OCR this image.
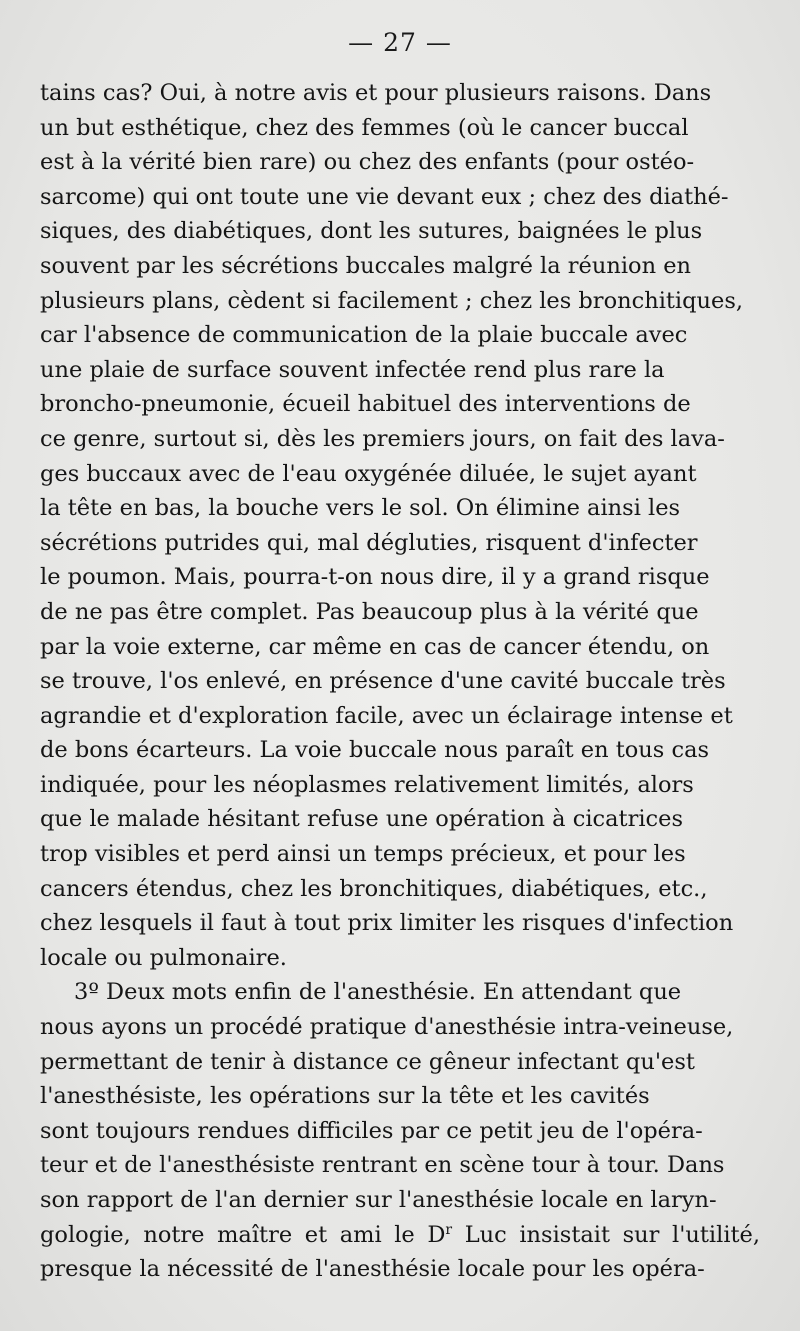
— 27 —
tains cas? Oui, à notre avis et pour plusieurs raisons. Dans
un but esthétique, chez des femmes (où le cancer buccal
est à la vérité bien rare) ou chez des enfants (pour ostéo-
sarcome) qui ont toute une vie devant eux ; chez des diathé-
siques, des diabétiques, dont les sutures, baignées le plus
souvent par les sécrétions buccales malgré la réunion en
plusieurs plans, cèdent si facilement ; chez les bronchitiques,
car l'absence de communication de la plaie buccale avec
une plaie de surface souvent infectée rend plus rare la
broncho-pneumonie, écueil habituel des interventions de
ce genre, surtout si, dès les premiers jours, on fait des lava-
ges buccaux avec de l'eau oxygénée diluée, le sujet ayant
la tête en bas, la bouche vers le sol. On élimine ainsi les
sécrétions putrides qui, mal dégluties, risquent d'infecter
le poumon. Mais, pourra-t-on nous dire, il y a grand risque
de ne pas être complet. Pas beaucoup plus à la vérité que
par la voie externe, car même en cas de cancer étendu, on
se trouve, l'os enlevé, en présence d'une cavité buccale très
agrandie et d'exploration facile, avec un éclairage intense et
de bons écarteurs. La voie buccale nous paraît en tous cas
indiquée, pour les néoplasmes relativement limités, alors
que le malade hésitant refuse une opération à cicatrices
trop visibles et perd ainsi un temps précieux, et pour les
cancers étendus, chez les bronchitiques, diabétiques, etc.,
chez lesquels il faut à tout prix limiter les risques d'infection
locale ou pulmonaire.
3º Deux mots enfin de l'anesthésie. En attendant que
nous ayons un procédé pratique d'anesthésie intra-veineuse,
permettant de tenir à distance ce gêneur infectant qu'est
l'anesthésiste, les opérations sur la tête et les cavités
sont toujours rendues difficiles par ce petit jeu de l'opéra-
teur et de l'anesthésiste rentrant en scène tour à tour. Dans
son rapport de l'an dernier sur l'anesthésie locale en laryn-
gologie, notre maître et ami le $D^r$ Luc insistait sur l'utilité,
presque la nécessité de l'anesthésie locale pour les opéra-
